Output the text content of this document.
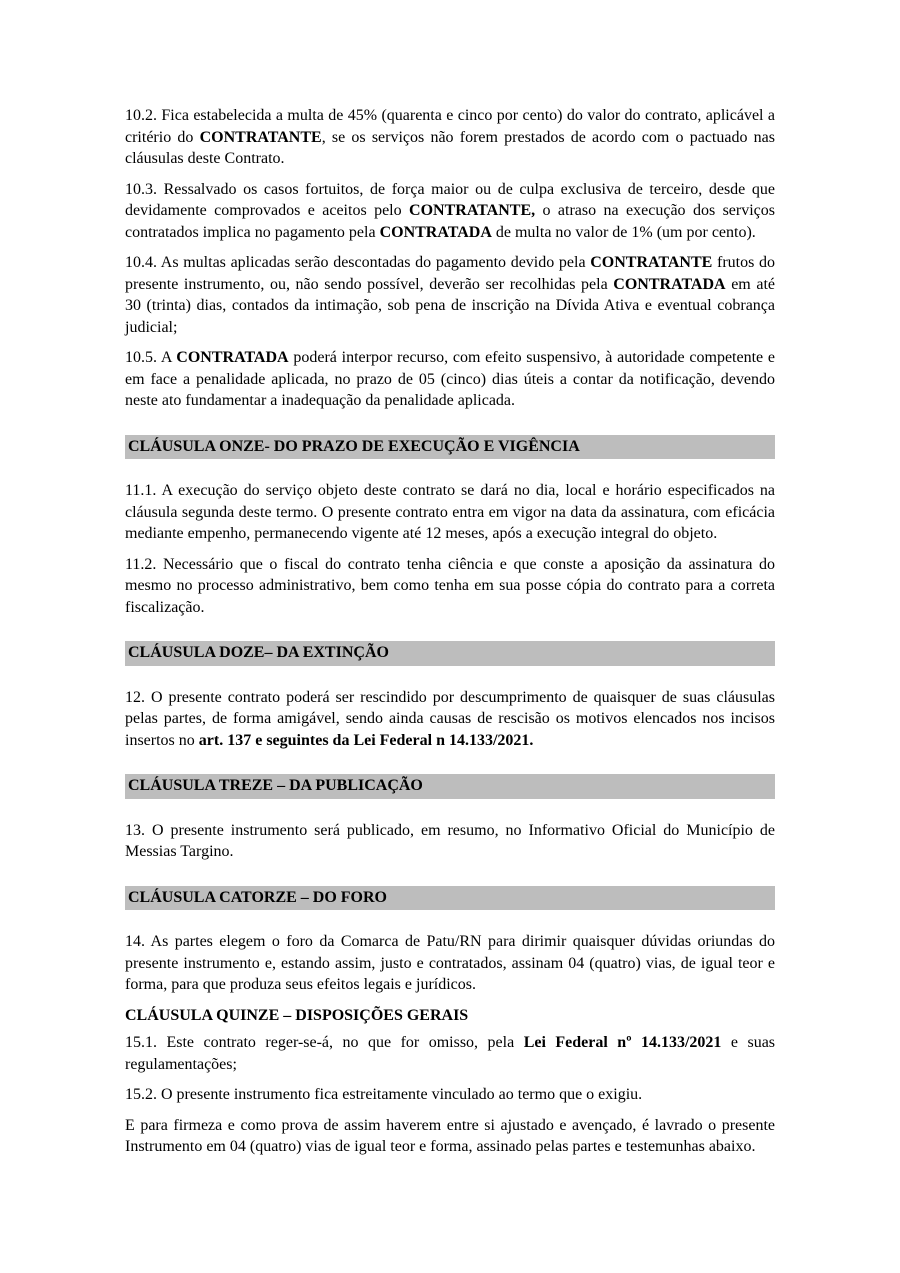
10.2. Fica estabelecida a multa de 45% (quarenta e cinco por cento) do valor do contrato, aplicável a critério do CONTRATANTE, se os serviços não forem prestados de acordo com o pactuado nas cláusulas deste Contrato.

10.3. Ressalvado os casos fortuitos, de força maior ou de culpa exclusiva de terceiro, desde que devidamente comprovados e aceitos pelo CONTRATANTE, o atraso na execução dos serviços contratados implica no pagamento pela CONTRATADA de multa no valor de 1% (um por cento).

10.4. As multas aplicadas serão descontadas do pagamento devido pela CONTRATANTE frutos do presente instrumento, ou, não sendo possível, deverão ser recolhidas pela CONTRATADA em até 30 (trinta) dias, contados da intimação, sob pena de inscrição na Dívida Ativa e eventual cobrança judicial;

10.5. A CONTRATADA poderá interpor recurso, com efeito suspensivo, à autoridade competente e em face a penalidade aplicada, no prazo de 05 (cinco) dias úteis a contar da notificação, devendo neste ato fundamentar a inadequação da penalidade aplicada.

CLÁUSULA ONZE- DO PRAZO DE EXECUÇÃO E VIGÊNCIA

11.1. A execução do serviço objeto deste contrato se dará no dia, local e horário especificados na cláusula segunda deste termo. O presente contrato entra em vigor na data da assinatura, com eficácia mediante empenho, permanecendo vigente até 12 meses, após a execução integral do objeto.

11.2. Necessário que o fiscal do contrato tenha ciência e que conste a aposição da assinatura do mesmo no processo administrativo, bem como tenha em sua posse cópia do contrato para a correta fiscalização.

CLÁUSULA DOZE– DA EXTINÇÃO

12. O presente contrato poderá ser rescindido por descumprimento de quaisquer de suas cláusulas pelas partes, de forma amigável, sendo ainda causas de rescisão os motivos elencados nos incisos insertos no art. 137 e seguintes da Lei Federal n 14.133/2021.

CLÁUSULA TREZE – DA PUBLICAÇÃO

13. O presente instrumento será publicado, em resumo, no Informativo Oficial do Município de Messias Targino.

CLÁUSULA CATORZE – DO FORO

14. As partes elegem o foro da Comarca de Patu/RN para dirimir quaisquer dúvidas oriundas do presente instrumento e, estando assim, justo e contratados, assinam 04 (quatro) vias, de igual teor e forma, para que produza seus efeitos legais e jurídicos.

CLÁUSULA QUINZE – DISPOSIÇÕES GERAIS

15.1. Este contrato reger-se-á, no que for omisso, pela Lei Federal nº 14.133/2021 e suas regulamentações;

15.2. O presente instrumento fica estreitamente vinculado ao termo que o exigiu.

E para firmeza e como prova de assim haverem entre si ajustado e avençado, é lavrado o presente Instrumento em 04 (quatro) vias de igual teor e forma, assinado pelas partes e testemunhas abaixo.
